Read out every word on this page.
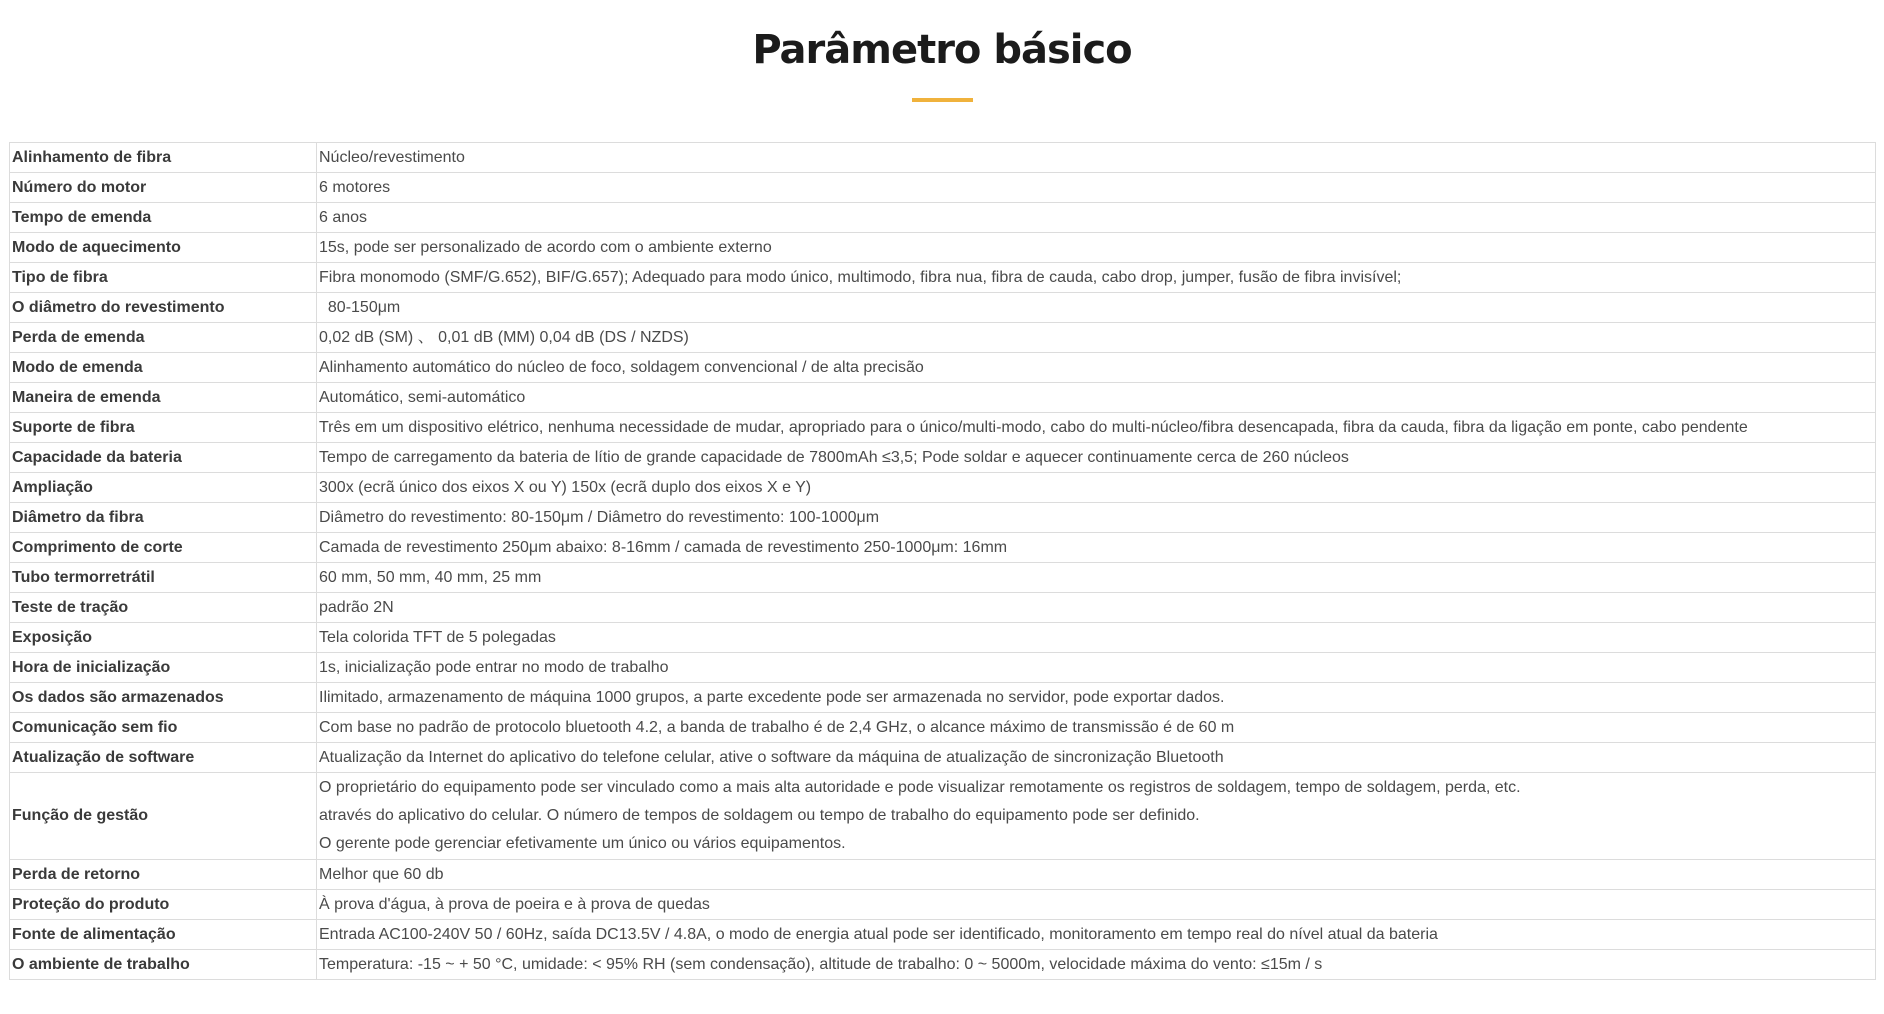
Parâmetro básico
Alinhamento de fibra	Núcleo/revestimento
Número do motor	6 motores
Tempo de emenda	6 anos
Modo de aquecimento	15s, pode ser personalizado de acordo com o ambiente externo
Tipo de fibra	Fibra monomodo (SMF/G.652), BIF/G.657); Adequado para modo único, multimodo, fibra nua, fibra de cauda, cabo drop, jumper, fusão de fibra invisível;
O diâmetro do revestimento	80-150μm
Perda de emenda	0,02 dB (SM) 、 0,01 dB (MM) 0,04 dB (DS / NZDS)
Modo de emenda	Alinhamento automático do núcleo de foco, soldagem convencional / de alta precisão
Maneira de emenda	Automático, semi-automático
Suporte de fibra	Três em um dispositivo elétrico, nenhuma necessidade de mudar, apropriado para o único/multi-modo, cabo do multi-núcleo/fibra desencapada, fibra da cauda, fibra da ligação em ponte, cabo pendente
Capacidade da bateria	Tempo de carregamento da bateria de lítio de grande capacidade de 7800mAh ≤3,5; Pode soldar e aquecer continuamente cerca de 260 núcleos
Ampliação	300x (ecrã único dos eixos X ou Y) 150x (ecrã duplo dos eixos X e Y)
Diâmetro da fibra	Diâmetro do revestimento: 80-150μm / Diâmetro do revestimento: 100-1000μm
Comprimento de corte	Camada de revestimento 250μm abaixo: 8-16mm / camada de revestimento 250-1000μm: 16mm
Tubo termorretrátil	60 mm, 50 mm, 40 mm, 25 mm
Teste de tração	padrão 2N
Exposição	Tela colorida TFT de 5 polegadas
Hora de inicialização	1s, inicialização pode entrar no modo de trabalho
Os dados são armazenados	Ilimitado, armazenamento de máquina 1000 grupos, a parte excedente pode ser armazenada no servidor, pode exportar dados.
Comunicação sem fio	Com base no padrão de protocolo bluetooth 4.2, a banda de trabalho é de 2,4 GHz, o alcance máximo de transmissão é de 60 m
Atualização de software	Atualização da Internet do aplicativo do telefone celular, ative o software da máquina de atualização de sincronização Bluetooth
Função de gestão	O proprietário do equipamento pode ser vinculado como a mais alta autoridade e pode visualizar remotamente os registros de soldagem, tempo de soldagem, perda, etc.
através do aplicativo do celular. O número de tempos de soldagem ou tempo de trabalho do equipamento pode ser definido.
O gerente pode gerenciar efetivamente um único ou vários equipamentos.

Perda de retorno	Melhor que 60 db
Proteção do produto	À prova d'água, à prova de poeira e à prova de quedas
Fonte de alimentação	Entrada AC100-240V 50 / 60Hz, saída DC13.5V / 4.8A, o modo de energia atual pode ser identificado, monitoramento em tempo real do nível atual da bateria
O ambiente de trabalho	Temperatura: -15 ~ + 50 °C, umidade: < 95% RH (sem condensação), altitude de trabalho: 0 ~ 5000m, velocidade máxima do vento: ≤15m / s
